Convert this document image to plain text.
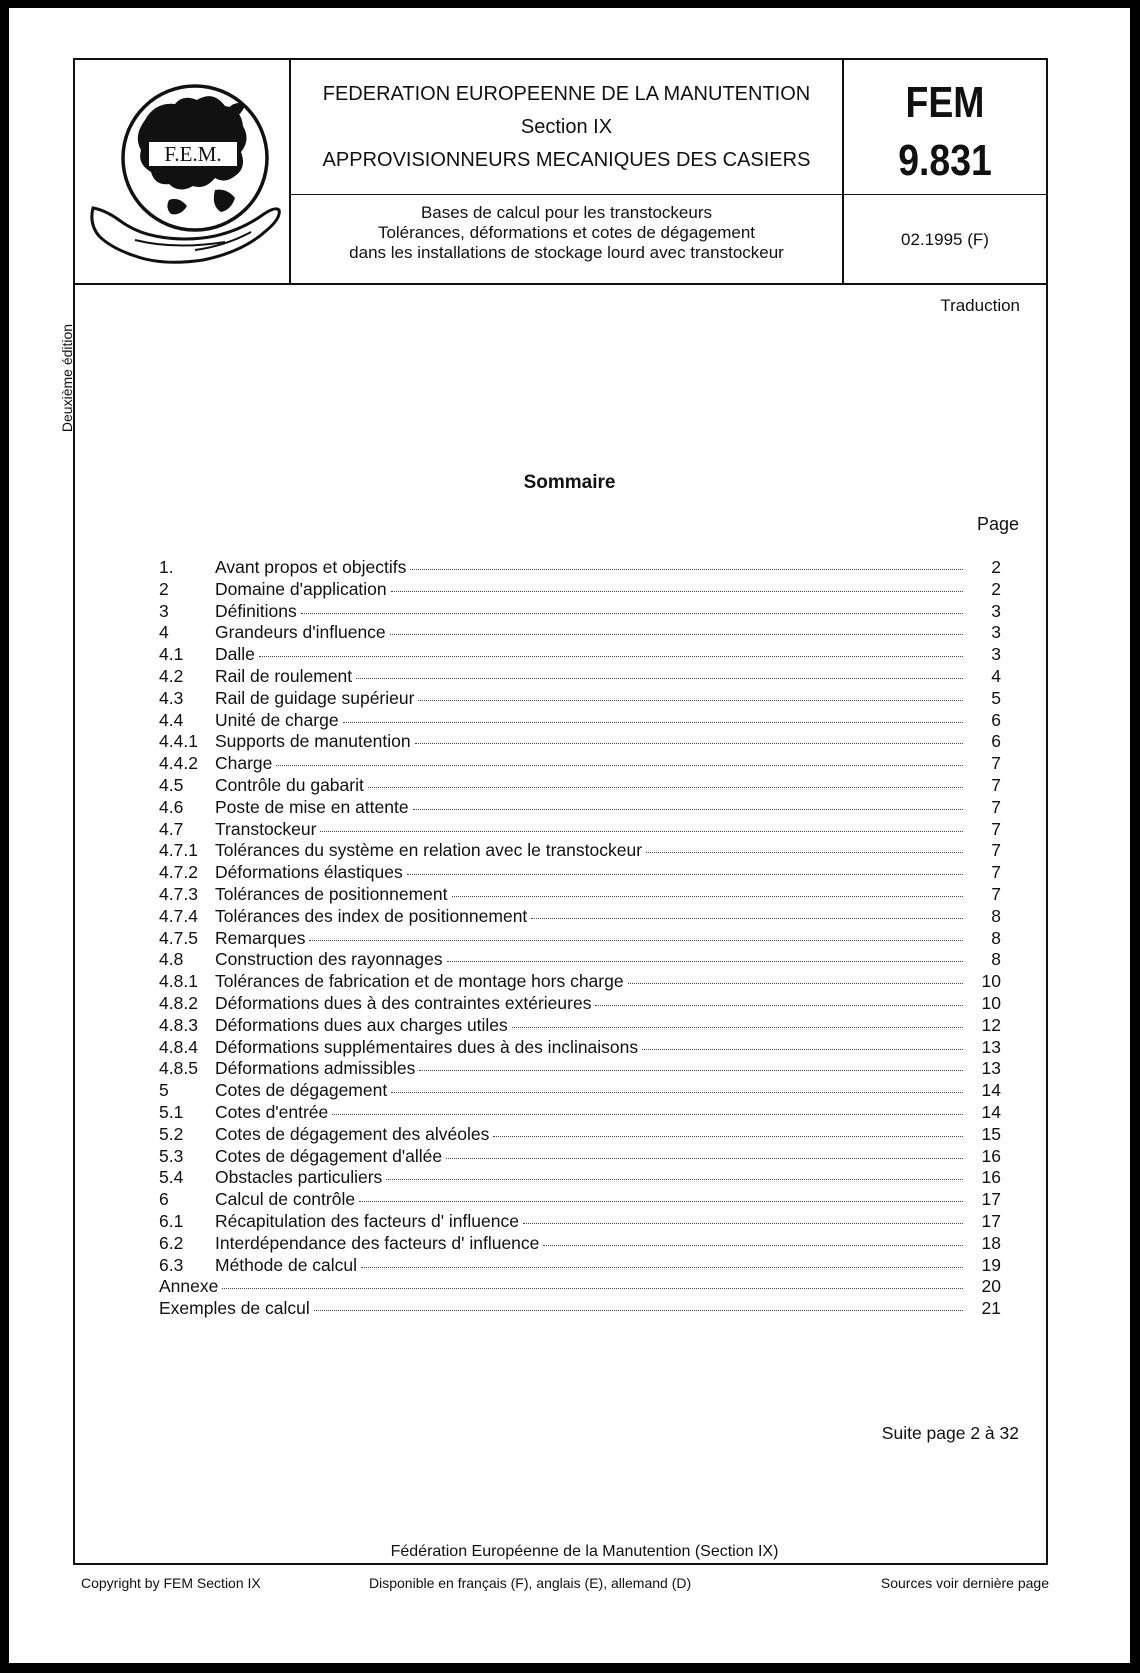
Deuxième édition
F.E.M.
FEDERATION EUROPEENNE DE LA MANUTENTION
Section IX
APPROVISIONNEURS MECANIQUES DES CASIERS
FEM
9.831
Bases de calcul pour les transtockeurs
Tolérances, déformations et cotes de dégagement
dans les installations de stockage lourd avec transtockeur
02.1995 (F)
Traduction
Sommaire
Page
1.	Avant propos et objectifs	2
2	Domaine d'application	2
3	Définitions	3
4	Grandeurs d'influence	3
4.1	Dalle	3
4.2	Rail de roulement	4
4.3	Rail de guidage supérieur	5
4.4	Unité de charge	6
4.4.1 Supports de manutention	6
4.4.2 Charge	7
4.5	Contrôle du gabarit	7
4.6	Poste de mise en attente	7
4.7	Transtockeur	7
4.7.1 Tolérances du système en relation avec le transtockeur	7
4.7.2 Déformations élastiques	7
4.7.3 Tolérances de positionnement	7
4.7.4 Tolérances des index de positionnement	8
4.7.5 Remarques	8
4.8	Construction des rayonnages	8
4.8.1 Tolérances de fabrication et de montage hors charge	10
4.8.2 Déformations dues à des contraintes extérieures	10
4.8.3 Déformations dues aux charges utiles	12
4.8.4 Déformations supplémentaires dues à des inclinaisons	13
4.8.5 Déformations admissibles	13
5	Cotes de dégagement	14
5.1	Cotes d'entrée	14
5.2	Cotes de dégagement des alvéoles	15
5.3	Cotes de dégagement d'allée	16
5.4	Obstacles particuliers	16
6	Calcul de contrôle	17
6.1	Récapitulation des facteurs d' influence	17
6.2	Interdépendance des facteurs d' influence	18
6.3	Méthode de calcul	19
Annexe	20
Exemples de calcul	21
Suite page 2 à 32
Fédération Européenne de la Manutention (Section IX)
Copyright by FEM Section IX	Disponible en français (F), anglais (E), allemand (D)	Sources voir dernière page
